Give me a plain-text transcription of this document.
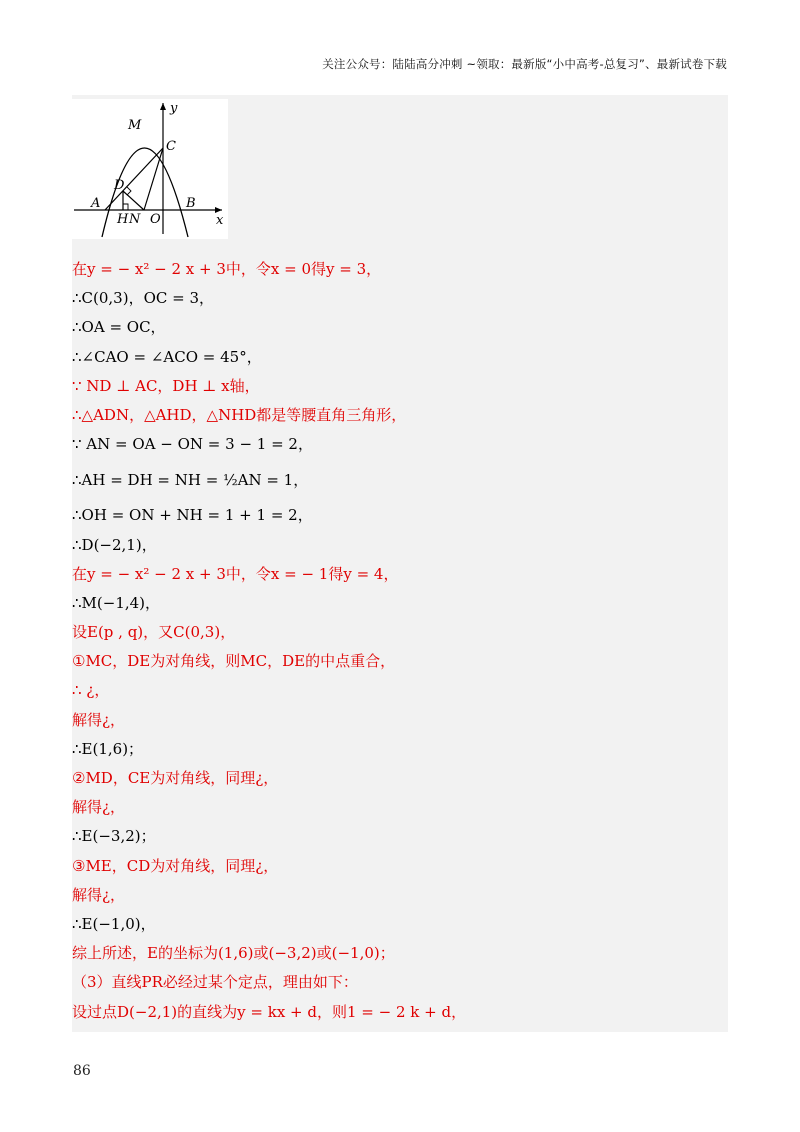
关注公众号：陆陆高分冲刺 ~领取：最新版“小中高考-总复习”、最新试卷下载
y
x
M
C
D
A
H N O
B
在y = − x² − 2 x + 3中，令x = 0得y = 3，
∴C(0,3)，OC = 3，
∴OA = OC，
∴∠CAO = ∠ACO = 45°，
∵ ND ⊥ AC，DH ⊥ x轴，
∴△ADN，△AHD，△NHD都是等腰直角三角形，
∵ AN = OA − ON = 3 − 1 = 2，
∴AH = DH = NH = ½AN = 1，
∴OH = ON + NH = 1 + 1 = 2，
∴D(−2,1)，
在y = − x² − 2 x + 3中，令x = − 1得y = 4，
∴M(−1,4)，
设E(p , q)，又C(0,3)，
①MC，DE为对角线，则MC，DE的中点重合，
∴ ¿，
解得¿，
∴E(1,6)；
②MD，CE为对角线，同理¿，
解得¿，
∴E(−3,2)；
③ME，CD为对角线，同理¿，
解得¿，
∴E(−1,0)，
综上所述，E的坐标为(1,6)或(−3,2)或(−1,0)；
（3）直线PR必经过某个定点，理由如下：
设过点D(−2,1)的直线为y = kx + d，则1 = − 2 k + d，
86
